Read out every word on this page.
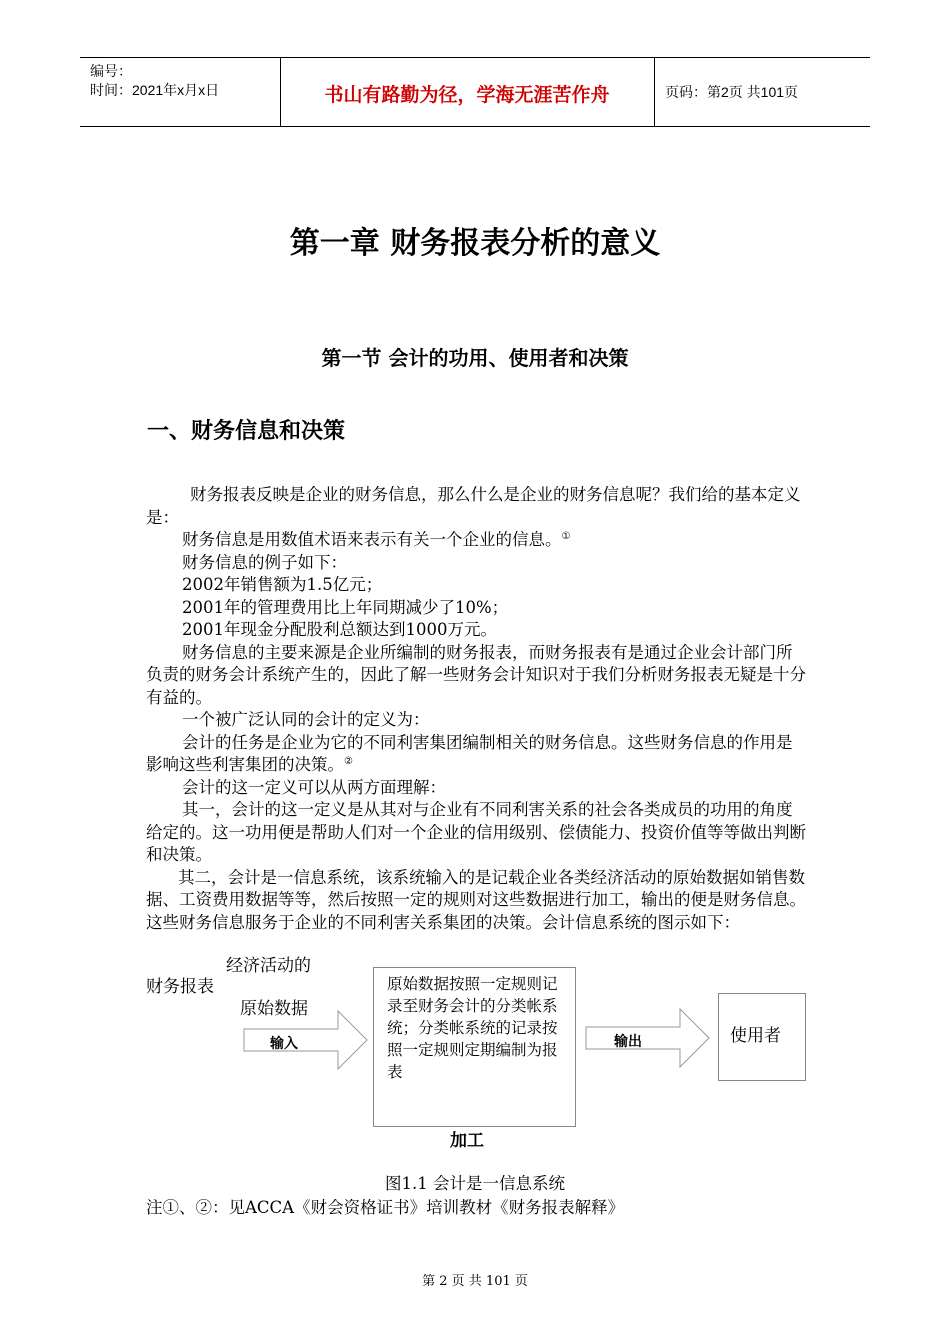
编号：
时间：2021年x月x日	书山有路勤为径，学海无涯苦作舟	页码：第2页 共101页
第一章 财务报表分析的意义
第一节 会计的功用、使用者和决策
一、财务信息和决策

财务报表反映是企业的财务信息，那么什么是企业的财务信息呢？我们给的基本定义是：

财务信息是用数值术语来表示有关一个企业的信息。①

财务信息的例子如下：

2002年销售额为1.5亿元；

2001年的管理费用比上年同期减少了10%；

2001年现金分配股利总额达到1000万元。

财务信息的主要来源是企业所编制的财务报表，而财务报表有是通过企业会计部门所负责的财务会计系统产生的，因此了解一些财务会计知识对于我们分析财务报表无疑是十分有益的。

一个被广泛认同的会计的定义为：

会计的任务是企业为它的不同利害集团编制相关的财务信息。这些财务信息的作用是影响这些利害集团的决策。②

会计的这一定义可以从两方面理解：

其一，会计的这一定义是从其对与企业有不同利害关系的社会各类成员的功用的角度给定的。这一功用便是帮助人们对一个企业的信用级别、偿债能力、投资价值等等做出判断和决策。

其二，会计是一信息系统，该系统输入的是记载企业各类经济活动的原始数据如销售数据、工资费用数据等等，然后按照一定的规则对这些数据进行加工，输出的便是财务信息。这些财务信息服务于企业的不同利害关系集团的决策。会计信息系统的图示如下：

经济活动的
财务报表
原始数据
输入
原始数据按照一定规则记录至财务会计的分类帐系统；分类帐系统的记录按照一定规则定期编制为报表
输出	使用者
加工
图1.1 会计是一信息系统
注①、②：见ACCA《财会资格证书》培训教材《财务报表解释》
第 2 页 共 101 页
